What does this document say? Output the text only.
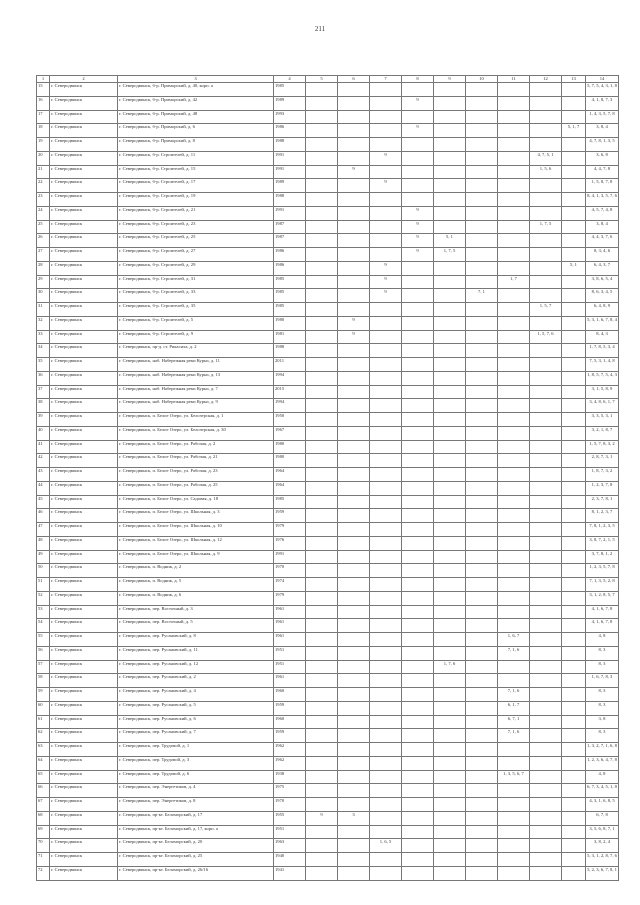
211
1	2	3	4	5	6	7	8	9	10	11	12	13	14
15	г. Северодвинск	г. Северодвинск, б-р. Приморский, д. 40, корп. а	1985										5, 7, 5, 4, 3, 1, 8
16	г. Северодвинск	г. Северодвинск, б-р. Приморский, д. 42	1989				9						4, 1, 8, 7, 3
17	г. Северодвинск	г. Северодвинск, б-р. Приморский, д. 48	1993										1, 4, 3, 5, 7, 8
18	г. Северодвинск	г. Северодвинск, б-р. Приморский, д. 6	1986				9					5, 1, 7	3, 8, 4
19	г. Северодвинск	г. Северодвинск, б-р. Приморский, д. 8	1988										4, 7, 8, 1, 3, 5
20	г. Северодвинск	г. Северодвинск, б-р. Строителей, д. 11	1991			9					4, 7, 5, 1		3, 6, 8
21	г. Северодвинск	г. Северодвинск, б-р. Строителей, д. 15	1991		9						1, 5, 6		4, 4, 7, 8
22	г. Северодвинск	г. Северодвинск, б-р. Строителей, д. 17	1989			9							1, 5, 8, 7, 8
23	г. Северодвинск	г. Северодвинск, б-р. Строителей, д. 19	1988										8, 4, 1, 3, 5, 7, 6
24	г. Северодвинск	г. Северодвинск, б-р. Строителей, д. 21	1991				9						4, 5, 7, 4, 8
25	г. Северодвинск	г. Северодвинск, б-р. Строителей, д. 23	1987				9				1, 7, 5		3, 8, 4
26	г. Северодвинск	г. Северодвинск, б-р. Строителей, д. 25	1987				9	5, 1					4, 4, 3, 7, 6
27	г. Северодвинск	г. Северодвинск, б-р. Строителей, д. 27	1986				9	1, 7, 5					8, 3, 4, 6
28	г. Северодвинск	г. Северодвинск, б-р. Строителей, д. 29	1986			9						5, 1	6, 4, 3, 7
29	г. Северодвинск	г. Северодвинск, б-р. Строителей, д. 31	1985			9				1, 7			3, 8, 6, 5, 4
30	г. Северодвинск	г. Северодвинск, б-р. Строителей, д. 33	1985			9			7, 1				8, 6, 3, 4, 5
31	г. Северодвинск	г. Северодвинск, б-р. Строителей, д. 35	1985								1, 5, 7		6, 4, 8, 9
32	г. Северодвинск	г. Северодвинск, б-р. Строителей, д. 5	1980		9								5, 3, 1, 6, 7, 8, 4
33	г. Северодвинск	г. Северодвинск, б-р. Строителей, д. 9	1981		9						1, 5, 7, 6		8, 4, 3
34	г. Северодвинск	г. Северодвинск, пр-д. ст. Рикасиха, д. 2	1988										1, 7, 8, 5, 3, 4
35	г. Северодвинск	г. Северодвинск, наб. Набережная реки Курьи, д. 11	2011										7, 5, 3, 1, 4, 8
36	г. Северодвинск	г. Северодвинск, наб. Набережная реки Курьи, д. 13	1994										1, 8, 5, 7, 5, 4, 3
37	г. Северодвинск	г. Северодвинск, наб. Набережная реки Курьи, д. 7	2015										3, 1, 5, 8, 9
38	г. Северодвинск	г. Северодвинск, наб. Набережная реки Курьи, д. 9	1994										3, 4, 8, 6, 1, 7
39	г. Северодвинск	г. Северодвинск, п. Белое Озеро, ул. Белозерская, д. 1	1950										3, 3, 5, 3, 1
40	г. Северодвинск	г. Северодвинск, п. Белое Озеро, ул. Белозерская, д. 30	1967										3, 2, 1, 8, 7
41	г. Северодвинск	г. Северодвинск, п. Белое Озеро, ул. Рабочая, д. 2	1980										1, 5, 7, 8, 3, 2
42	г. Северодвинск	г. Северодвинск, п. Белое Озеро, ул. Рабочая, д. 21	1980										2, 8, 7, 3, 1
43	г. Северодвинск	г. Северодвинск, п. Белое Озеро, ул. Рабочая, д. 23	1964										1, 8, 7, 3, 2
44	г. Северодвинск	г. Северодвинск, п. Белое Озеро, ул. Рабочая, д. 25	1964										1, 2, 3, 7, 8
45	г. Северодвинск	г. Северодвинск, п. Белое Озеро, ул. Садовая, д. 18	1985										2, 3, 7, 8, 1
46	г. Северодвинск	г. Северодвинск, п. Белое Озеро, ул. Школьная, д. 3	1959										8, 1, 2, 3, 7
47	г. Северодвинск	г. Северодвинск, п. Белое Озеро, ул. Школьная, д. 10	1979										7, 8, 1, 2, 3, 5
48	г. Северодвинск	г. Северодвинск, п. Белое Озеро, ул. Школьная, д. 12	1976										3, 8, 7, 2, 1, 5
49	г. Северодвинск	г. Северодвинск, п. Белое Озеро, ул. Школьная, д. 9	1991										3, 7, 8, 1, 2
50	г. Северодвинск	г. Северодвинск, п. Водник, д. 2	1970										1, 2, 3, 5, 7, 8
51	г. Северодвинск	г. Северодвинск, п. Водник, д. 5	1974										7, 1, 3, 5, 2, 8
52	г. Северодвинск	г. Северодвинск, п. Водник, д. 6	1979										3, 1, 2, 8, 5, 7
53	г. Северодвинск	г. Северодвинск, пер. Восточный, д. 3	1961										4, 1, 6, 7, 8
54	г. Северодвинск	г. Северодвинск, пер. Восточный, д. 5	1961										4, 1, 6, 7, 8
55	г. Северодвинск	г. Северодвинск, пер. Русановский, д. 8	1961							1, 6, 7			4, 8
56	г. Северодвинск	г. Северодвинск, пер. Русановский, д. 11	1951							7, 1, 6			8, 3
57	г. Северодвинск	г. Северодвинск, пер. Русановский, д. 12	1951					1, 7, 6					8, 3
58	г. Северодвинск	г. Северодвинск, пер. Русановский, д. 2	1961										1, 6, 7, 8, 3
59	г. Северодвинск	г. Северодвинск, пер. Русановский, д. 4	1960							7, 1, 6			8, 3
60	г. Северодвинск	г. Северодвинск, пер. Русановский, д. 5	1959							6, 1, 7			8, 3
61	г. Северодвинск	г. Северодвинск, пер. Русановский, д. 6	1960							6, 7, 1			3, 8
62	г. Северодвинск	г. Северодвинск, пер. Русановский, д. 7	1959							7, 1, 6			8, 3
63	г. Северодвинск	г. Северодвинск, пер. Трудовой, д. 1	1962										1, 3, 2, 7, 1, 6, 8
64	г. Северодвинск	г. Северодвинск, пер. Трудовой, д. 3	1962										1, 2, 3, 6, 4, 7, 8
65	г. Северодвинск	г. Северодвинск, пер. Трудовой, д. 6	1938							1, 3, 5, 6, 7			4, 8
66	г. Северодвинск	г. Северодвинск, пер. Энергетиков, д. 4	1975										6, 7, 3, 4, 5, 1, 8
67	г. Северодвинск	г. Северодвинск, пер. Энергетиков, д. 8	1970										4, 3, 1, 6, 8, 5
68	г. Северодвинск	г. Северодвинск, пр-кт. Беломорский, д. 17	1955	9	3								6, 7, 8
69	г. Северодвинск	г. Северодвинск, пр-кт. Беломорский, д. 17, корп. а	1951										3, 5, 6, 8, 7, 1
70	г. Северодвинск	г. Северодвинск, пр-кт. Беломорский, д. 20	1963			1, 6, 5							3, 8, 2, 4
71	г. Северодвинск	г. Северодвинск, пр-кт. Беломорский, д. 25	1940										5, 3, 1, 2, 8, 7, 6
72	г. Северодвинск	г. Северодвинск, пр-кт. Беломорский, д. 26/16	1941										5, 2, 3, 6, 7, 8, 1
